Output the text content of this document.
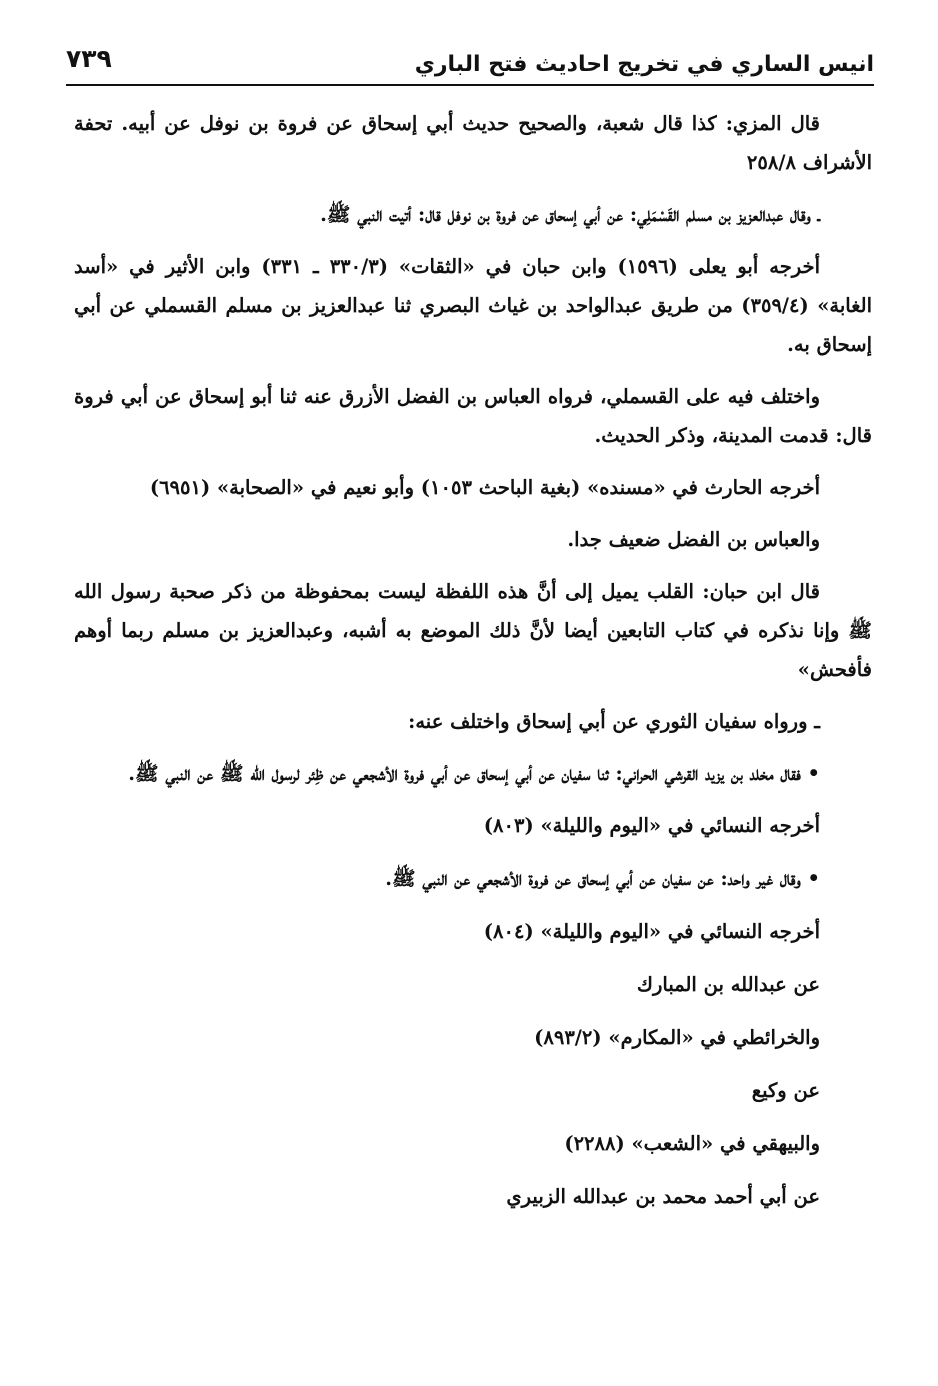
انيس الساري في تخريج احاديث فتح الباري
٧٣٩

قال المزي: كذا قال شعبة، والصحيح حديث أبي إسحاق عن فروة بن نوفل عن أبيه. تحفة الأشراف ٢٥٨/٨

ـ وقال عبدالعزيز بن مسلم القَسْمَلِي: عن أبي إسحاق عن فروة بن نوفل قال: أتيت النبي ﷺ.

أخرجه أبو يعلى (١٥٩٦) وابن حبان في «الثقات» (٣٣٠/٣ ـ ٣٣١) وابن الأثير في «أسد الغابة» (٣٥٩/٤) من طريق عبدالواحد بن غياث البصري ثنا عبدالعزيز بن مسلم القسملي عن أبي إسحاق به.

واختلف فيه على القسملي، فرواه العباس بن الفضل الأزرق عنه ثنا أبو إسحاق عن أبي فروة قال: قدمت المدينة، وذكر الحديث.

أخرجه الحارث في «مسنده» (بغية الباحث ١٠٥٣) وأبو نعيم في «الصحابة» (٦٩٥١)

والعباس بن الفضل ضعيف جدا.

قال ابن حبان: القلب يميل إلى أنَّ هذه اللفظة ليست بمحفوظة من ذكر صحبة رسول الله ﷺ وإنا نذكره في كتاب التابعين أيضا لأنَّ ذلك الموضع به أشبه، وعبدالعزيز بن مسلم ربما أوهم فأفحش»

ـ ورواه سفيان الثوري عن أبي إسحاق واختلف عنه:

• فقال مخلد بن يزيد القرشي الحراني: ثنا سفيان عن أبي إسحاق عن أبي فروة الأشجعي عن ظِئر لرسول الله ﷺ عن النبي ﷺ.

أخرجه النسائي في «اليوم والليلة» (٨٠٣)

• وقال غير واحد: عن سفيان عن أبي إسحاق عن فروة الأشجعي عن النبي ﷺ.

أخرجه النسائي في «اليوم والليلة» (٨٠٤)

عن عبدالله بن المبارك

والخرائطي في «المكارم» (٨٩٣/٢)

عن وكيع

والبيهقي في «الشعب» (٢٢٨٨)

عن أبي أحمد محمد بن عبدالله الزبيري
